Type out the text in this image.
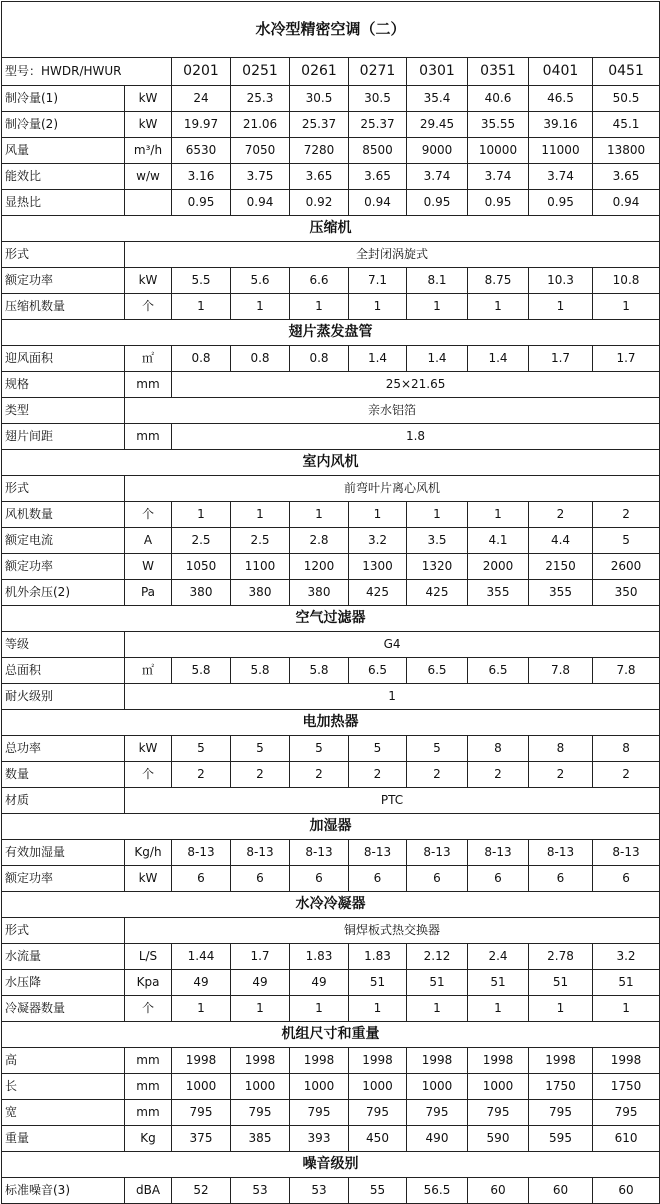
水冷型精密空调（二）									
型号：HWDR/HWUR		0201	0251	0261	0271	0301	0351	0401	0451
制冷量(1)	kW	24	25.3	30.5	30.5	35.4	40.6	46.5	50.5
制冷量(2)	kW	19.97	21.06	25.37	25.37	29.45	35.55	39.16	45.1
风量	m³/h	6530	7050	7280	8500	9000	10000	11000	13800
能效比	w/w	3.16	3.75	3.65	3.65	3.74	3.74	3.74	3.65
显热比		0.95	0.94	0.92	0.94	0.95	0.95	0.95	0.94
压缩机									
形式	全封闭涡旋式								
额定功率	kW	5.5	5.6	6.6	7.1	8.1	8.75	10.3	10.8
压缩机数量	个	1	1	1	1	1	1	1	1
翅片蒸发盘管									
迎风面积	㎡	0.8	0.8	0.8	1.4	1.4	1.4	1.7	1.7
规格	mm	25×21.65							
类型	亲水铝箔								
翅片间距	mm	1.8							
室内风机									
形式	前弯叶片离心风机								
风机数量	个	1	1	1	1	1	1	2	2
额定电流	A	2.5	2.5	2.8	3.2	3.5	4.1	4.4	5
额定功率	W	1050	1100	1200	1300	1320	2000	2150	2600
机外余压(2)	Pa	380	380	380	425	425	355	355	350
空气过滤器									
等级	G4								
总面积	㎡	5.8	5.8	5.8	6.5	6.5	6.5	7.8	7.8
耐火级别	1								
电加热器									
总功率	kW	5	5	5	5	5	8	8	8
数量	个	2	2	2	2	2	2	2	2
材质	PTC								
加湿器									
有效加湿量	Kg/h	8-13	8-13	8-13	8-13	8-13	8-13	8-13	8-13
额定功率	kW	6	6	6	6	6	6	6	6
水冷冷凝器									
形式	铜焊板式热交换器								
水流量	L/S	1.44	1.7	1.83	1.83	2.12	2.4	2.78	3.2
水压降	Kpa	49	49	49	51	51	51	51	51
冷凝器数量	个	1	1	1	1	1	1	1	1
机组尺寸和重量									
高	mm	1998	1998	1998	1998	1998	1998	1998	1998
长	mm	1000	1000	1000	1000	1000	1000	1750	1750
宽	mm	795	795	795	795	795	795	795	795
重量	Kg	375	385	393	450	490	590	595	610
噪音级别									
标准噪音(3)	dBA	52	53	53	55	56.5	60	60	60
